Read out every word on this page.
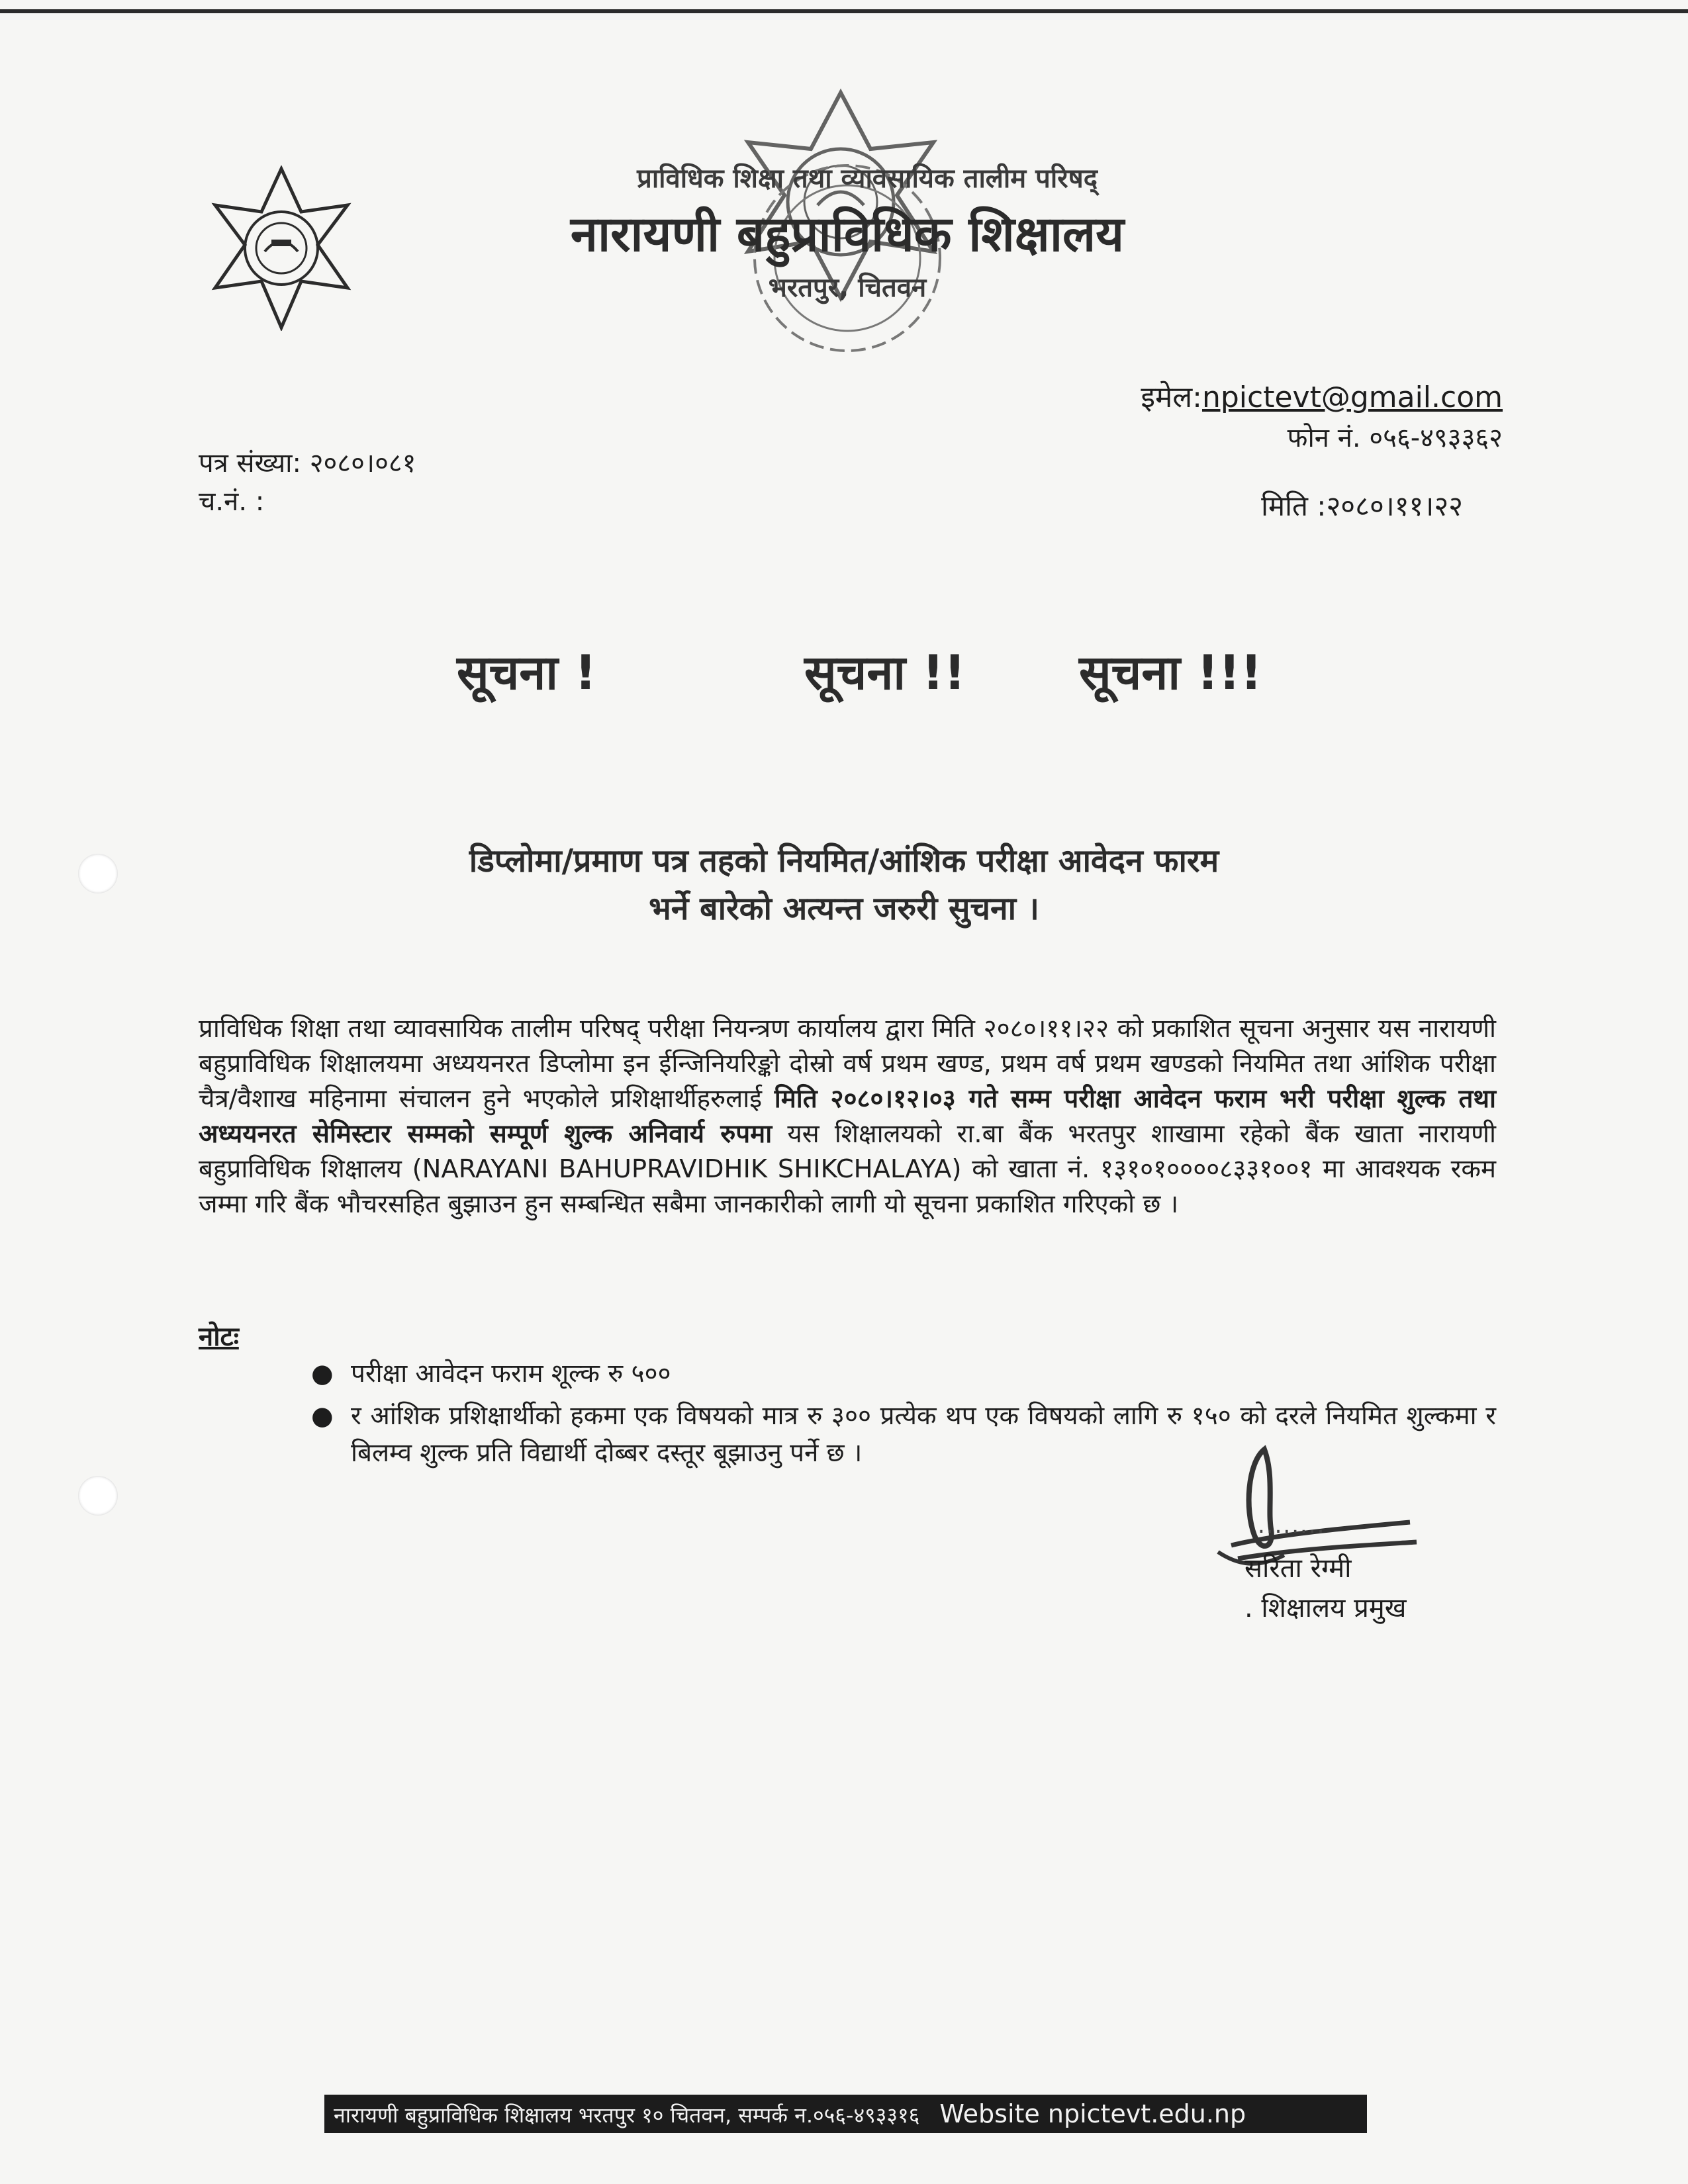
प्राविधिक शिक्षा तथा व्यावसायिक तालीम परिषद्
नारायणी बहुप्राविधिक शिक्षालय
भरतपुर, चितवन
इमेल:npictevt@gmail.com
फोन नं. ०५६-४९३३६२
पत्र संख्या: २०८०।०८१
च.नं. :	मिति :२०८०।११।२२
सूचना !	सूचना !! सूचना !!!
डिप्लोमा/प्रमाण पत्र तहको नियमित/आंशिक परीक्षा आवेदन फारम
भर्ने बारेको अत्यन्त जरुरी सुचना ।
प्राविधिक शिक्षा तथा व्यावसायिक तालीम परिषद् परीक्षा नियन्त्रण कार्यालय द्वारा मिति २०८०।११।२२ को प्रकाशित सूचना अनुसार यस नारायणी बहुप्राविधिक शिक्षालयमा अध्ययनरत डिप्लोमा इन ईन्जिनियरिङ्को दोस्रो वर्ष प्रथम खण्ड, प्रथम वर्ष प्रथम खण्डको नियमित तथा आंशिक परीक्षा चैत्र/वैशाख महिनामा संचालन हुने भएकोले प्रशिक्षार्थीहरुलाई मिति २०८०।१२।०३ गते सम्म परीक्षा आवेदन फराम भरी परीक्षा शुल्क तथा अध्ययनरत सेमिस्टार सम्मको सम्पूर्ण शुल्क अनिवार्य रुपमा यस शिक्षालयको रा.बा बैंक भरतपुर शाखामा रहेको बैंक खाता नारायणी बहुप्राविधिक शिक्षालय (NARAYANI BAHUPRAVIDHIK SHIKCHALAYA) को खाता नं. १३१०१००००८३३१००१ मा आवश्यक रकम जम्मा गरि बैंक भौचरसहित बुझाउन हुन सम्बन्धित सबैमा जानकारीको लागी यो सूचना प्रकाशित गरिएको छ ।
नोटः
● परीक्षा आवेदन फराम शूल्क रु ५००
● र आंशिक प्रशिक्षार्थीको हकमा एक विषयको मात्र रु ३०० प्रत्येक थप एक विषयको लागि रु १५० को दरले नियमित शुल्कमा र बिलम्व शुल्क प्रति विद्यार्थी दोब्बर दस्तूर बूझाउनु पर्ने छ ।
........
सरिता रेग्मी
. शिक्षालय प्रमुख
नारायणी बहुप्राविधिक शिक्षालय भरतपुर १० चितवन, सम्पर्क न.०५६-४९३३१६ Website npictevt.edu.np
